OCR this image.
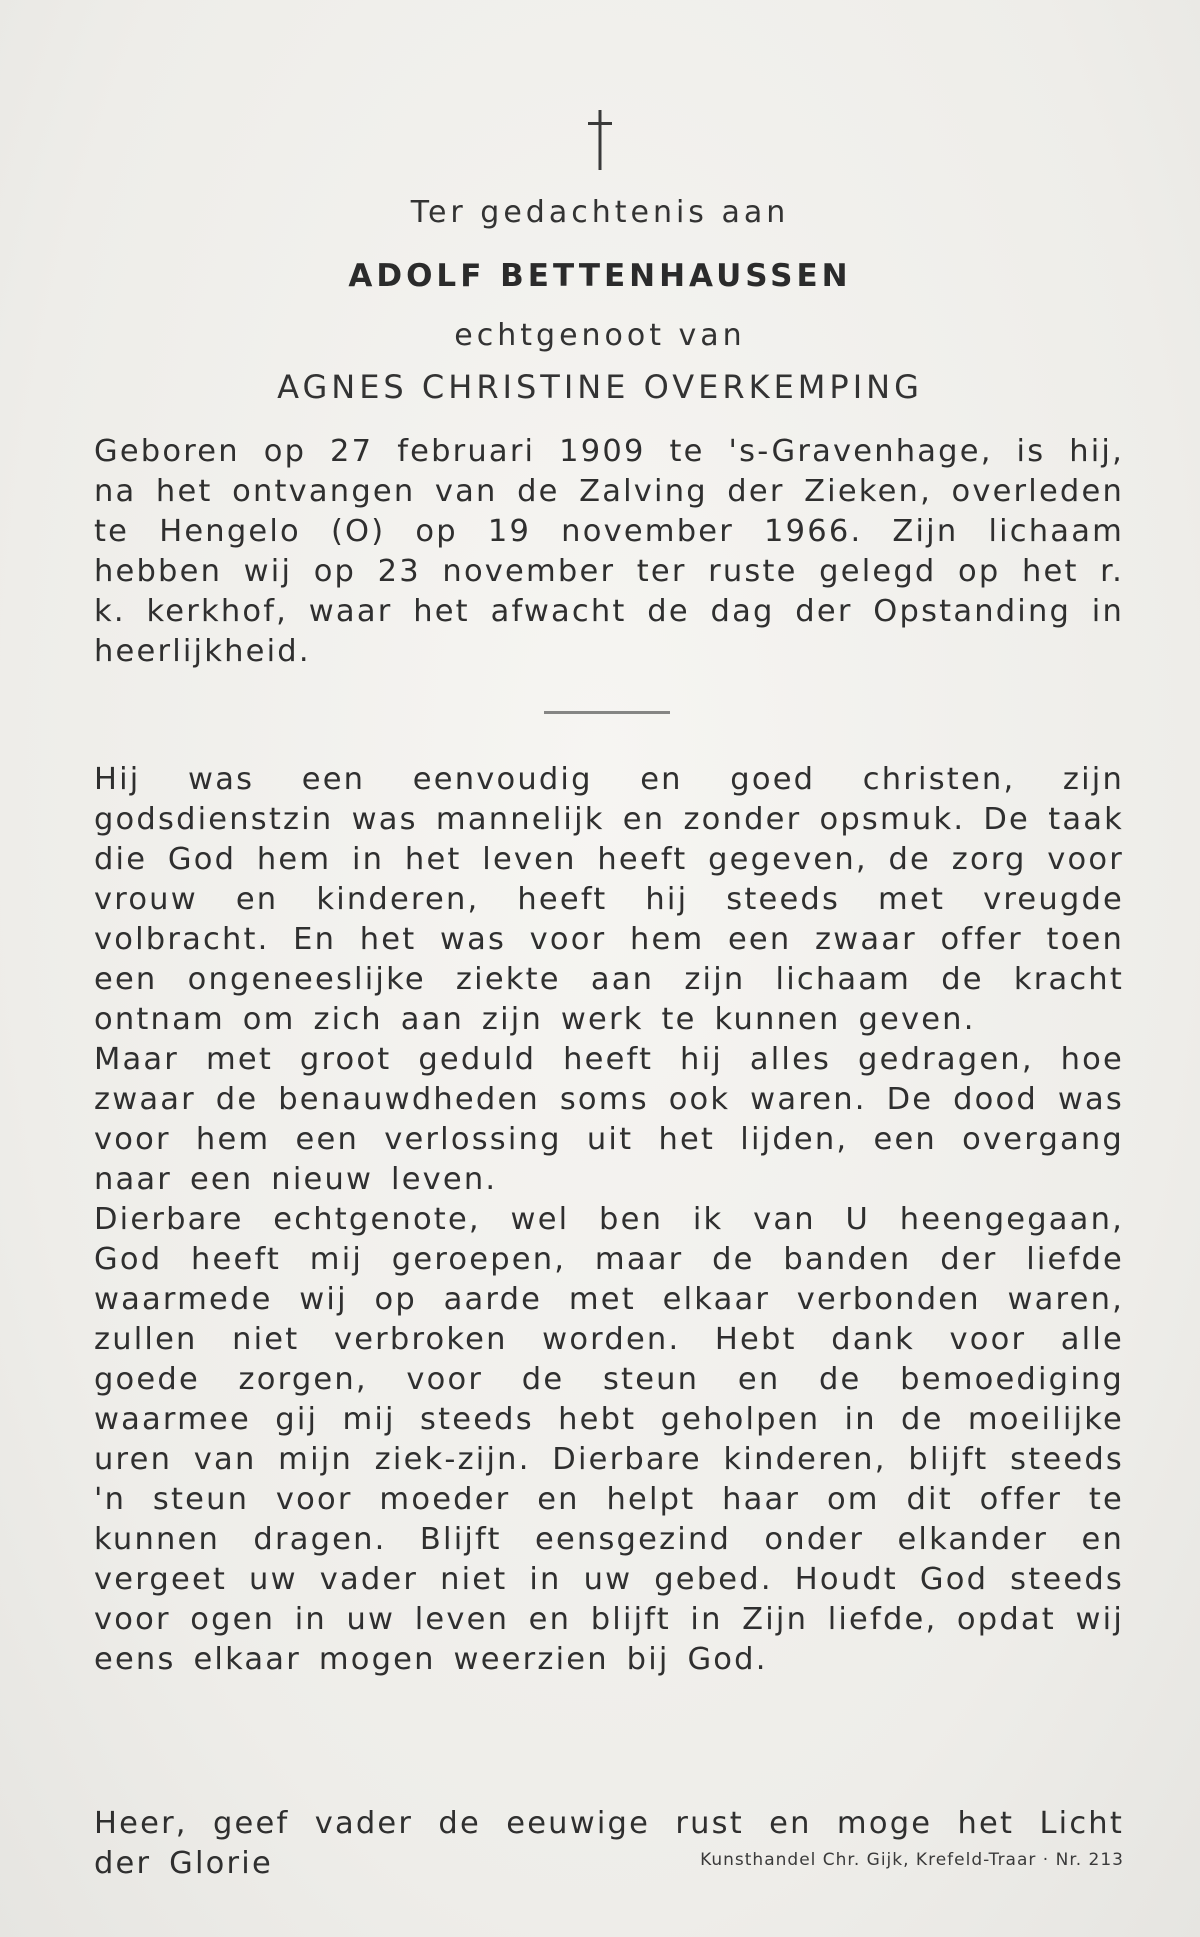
Ter gedachtenis aan
ADOLF BETTENHAUSSEN
echtgenoot van
AGNES CHRISTINE OVERKEMPING
Geboren op 27 februari 1909 te 's-Gravenhage, is hij, na het ontvangen van de Zalving der Zieken, overleden te Hengelo (O) op 19 november 1966. Zijn lichaam hebben wij op 23 november ter ruste gelegd op het r. k. kerkhof, waar het afwacht de dag der Opstanding in heerlijkheid.

Hij was een eenvoudig en goed christen, zijn godsdienstzin was mannelijk en zonder opsmuk. De taak die God hem in het leven heeft gegeven, de zorg voor vrouw en kinderen, heeft hij steeds met vreugde volbracht. En het was voor hem een zwaar offer toen een ongeneeslijke ziekte aan zijn lichaam de kracht ontnam om zich aan zijn werk te kunnen geven.

Maar met groot geduld heeft hij alles gedragen, hoe zwaar de benauwdheden soms ook waren. De dood was voor hem een verlossing uit het lijden, een overgang naar een nieuw leven.

Dierbare echtgenote, wel ben ik van U heengegaan, God heeft mij geroepen, maar de banden der liefde waarmede wij op aarde met elkaar verbonden waren, zullen niet verbroken worden. Hebt dank voor alle goede zorgen, voor de steun en de bemoediging waarmee gij mij steeds hebt geholpen in de moeilijke uren van mijn ziek-zijn. Dierbare kinderen, blijft steeds 'n steun voor moeder en helpt haar om dit offer te kunnen dragen. Blijft eensgezind onder elkander en vergeet uw vader niet in uw gebed. Houdt God steeds voor ogen in uw leven en blijft in Zijn liefde, opdat wij eens elkaar mogen weerzien bij God.

Heer, geef vader de eeuwige rust en moge het Licht der Glorie	Kunsthandel Chr. Gijk, Krefeld-Traar · Nr. 213
